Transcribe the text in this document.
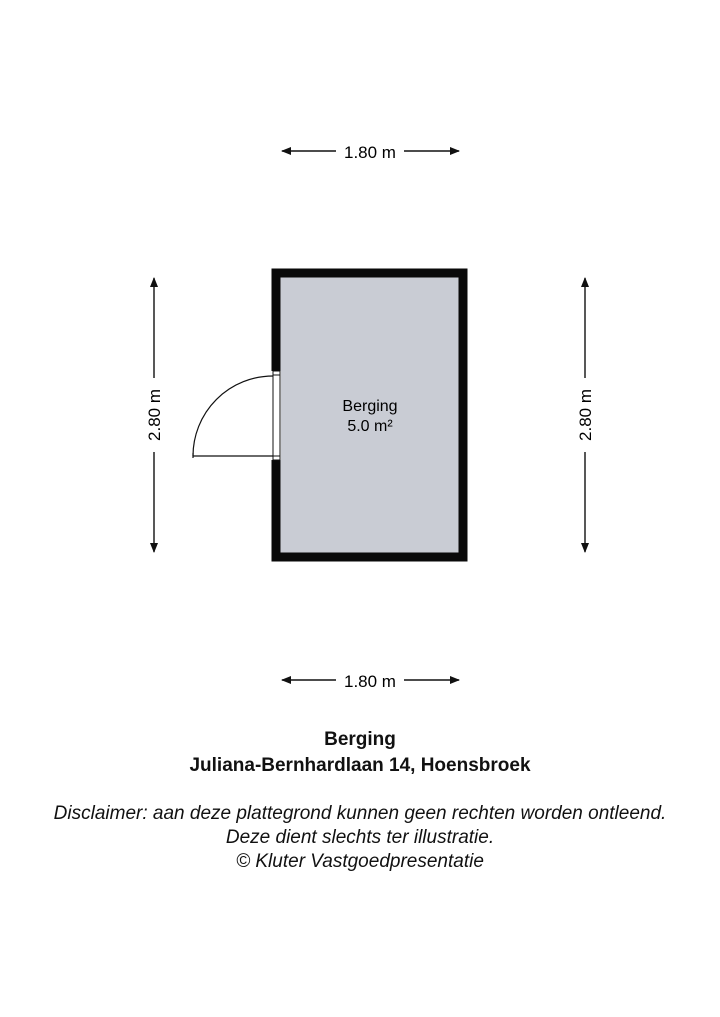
1.80 m
1.80 m
2.80 m	2.80 m
Berging
5.0 m²
Berging
Juliana-Bernhardlaan 14, Hoensbroek
Disclaimer: aan deze plattegrond kunnen geen rechten worden ontleend.
Deze dient slechts ter illustratie.
© Kluter Vastgoedpresentatie
